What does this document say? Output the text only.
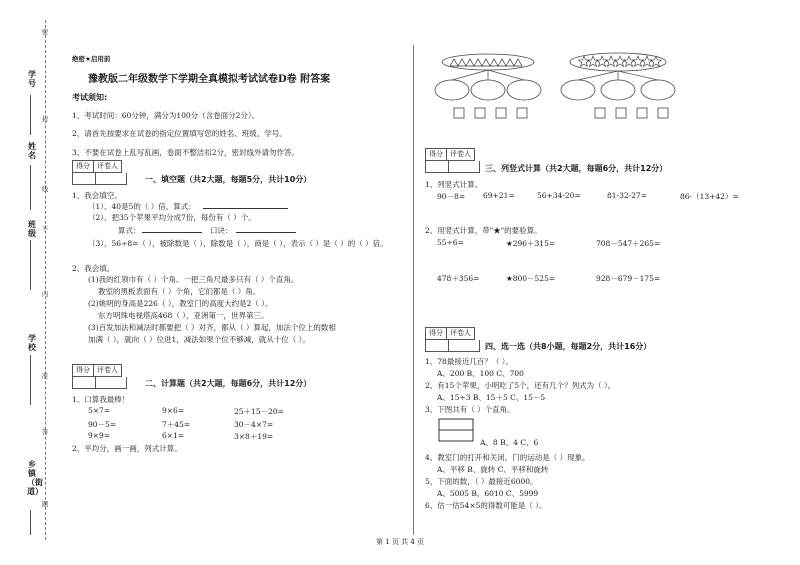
学号
姓名
班级
学校
乡镇（街道）
密
封
线
内
不
准
答
题
绝密★启用前
豫教版二年级数学下学期全真模拟考试试卷D卷 附答案
考试须知:
1、考试时间：60分钟，满分为100分（含卷面分2分）。
2、请首先按要求在试卷的指定位置填写您的姓名、班级、学号。
3、不要在试卷上乱写乱画，卷面不整洁扣2分，密封线外请勿作答。
得分	评卷人
一、填空题（共2大题，每题5分，共计10分）
1、我会填空。
（1）、40是5的（ ）倍，算式：
（2）、把35个苹果平均分成7份，每份有（ ）个。
算式：	口诀：
（3）、56÷8=（ ），被除数是（ ），除数是（ ），商是（ ），表示（ ）是（ ）的（ ）倍。
2、我会填。
(1)我的红领巾有（ ）个角。一把三角尺最多只有（ ）个直角。
教室的黑板表面有（ ）个角，它们都是（ ）角。
(2)姚明的身高是226（ ），教室门的高度大约是2（ ）。
东方明珠电视塔高468（ ），亚洲第一，世界第三。
(3)百发加法和减法时都要把（ ）对齐，都从（ ）算起，加法个位上的数相
加满（ ），就向（ ）位进1，减法如果个位不够减，就从十位（ ）。
得分	评卷人
二、计算题（共2大题，每题6分，共计12分）
1、口算我最棒！
5×7=	9×6=	25＋15－20=
90－5=	7＋45=	30－4×7=
9×9=	6×1=	3×8＋19=
2、平均分，画一画，列式计算。
得分	评卷人
三、列竖式计算（共2大题，每题6分，共计12分）
1、列竖式计算。
90－8= 69+21=	56+34-20=	81-32-27=	86-（13+42）=
2、用竖式计算，带"★"的要验算。
55÷6=	★296＋315=	708－547＋265=
478＋356=	★800－525=	928－679－175=
得分	评卷人
四、选一选（共8小题，每题2分，共计16分）
1、78最接近几百？（ ）。
A、200 B、100 C、700
2、有15个苹果，小明吃了5个，还有几个？列式为（ ）。
A、15÷3 B、15＋5 C、15－5
3、下图共有（ ）个直角。
A、8 B、4 C、6
4、教室门的打开和关闭，门的运动是（ ）现象。
A、平移 B、旋转 C、平移和旋转
5、下面的数，（ ）最接近6000。
A、5005 B、6010 C、5999
6、估一估54×5的得数可能是（ ）。
第 1 页 共 4 页
